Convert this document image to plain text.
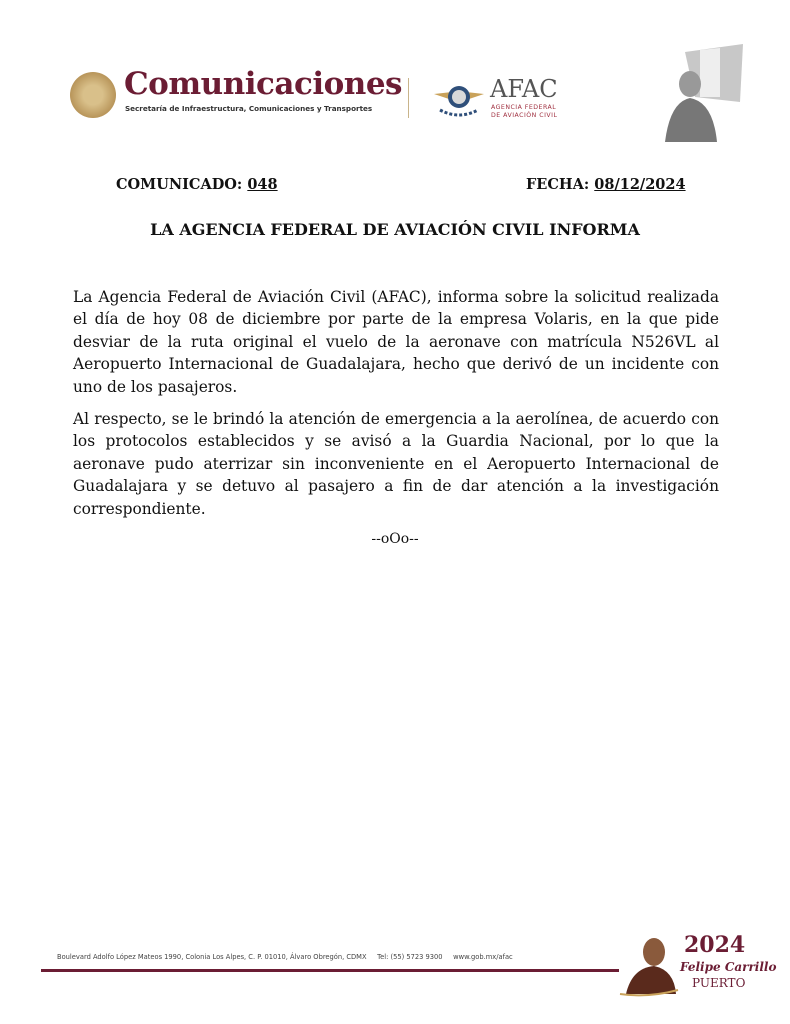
Comunicaciones
Secretaría de Infraestructura, Comunicaciones y Transportes
AFAC
AGENCIA FEDERAL
DE AVIACIÓN CIVIL
COMUNICADO: 048	FECHA: 08/12/2024
LA AGENCIA FEDERAL DE AVIACIÓN CIVIL INFORMA

La Agencia Federal de Aviación Civil (AFAC), informa sobre la solicitud realizada el día de hoy 08 de diciembre por parte de la empresa Volaris, en la que pide desviar de la ruta original el vuelo de la aeronave con matrícula N526VL al Aeropuerto Internacional de Guadalajara, hecho que derivó de un incidente con uno de los pasajeros.

Al respecto, se le brindó la atención de emergencia a la aerolínea, de acuerdo con los protocolos establecidos y se avisó a la Guardia Nacional, por lo que la aeronave pudo aterrizar sin inconveniente en el Aeropuerto Internacional de Guadalajara y se detuvo al pasajero a fin de dar atención a la investigación correspondiente.

--oOo--
Boulevard Adolfo López Mateos 1990, Colonia Los Alpes, C. P. 01010, Álvaro Obregón, CDMX Tel: (55) 5723 9300 www.gob.mx/afac	2024
Felipe Carrillo
PUERTO
